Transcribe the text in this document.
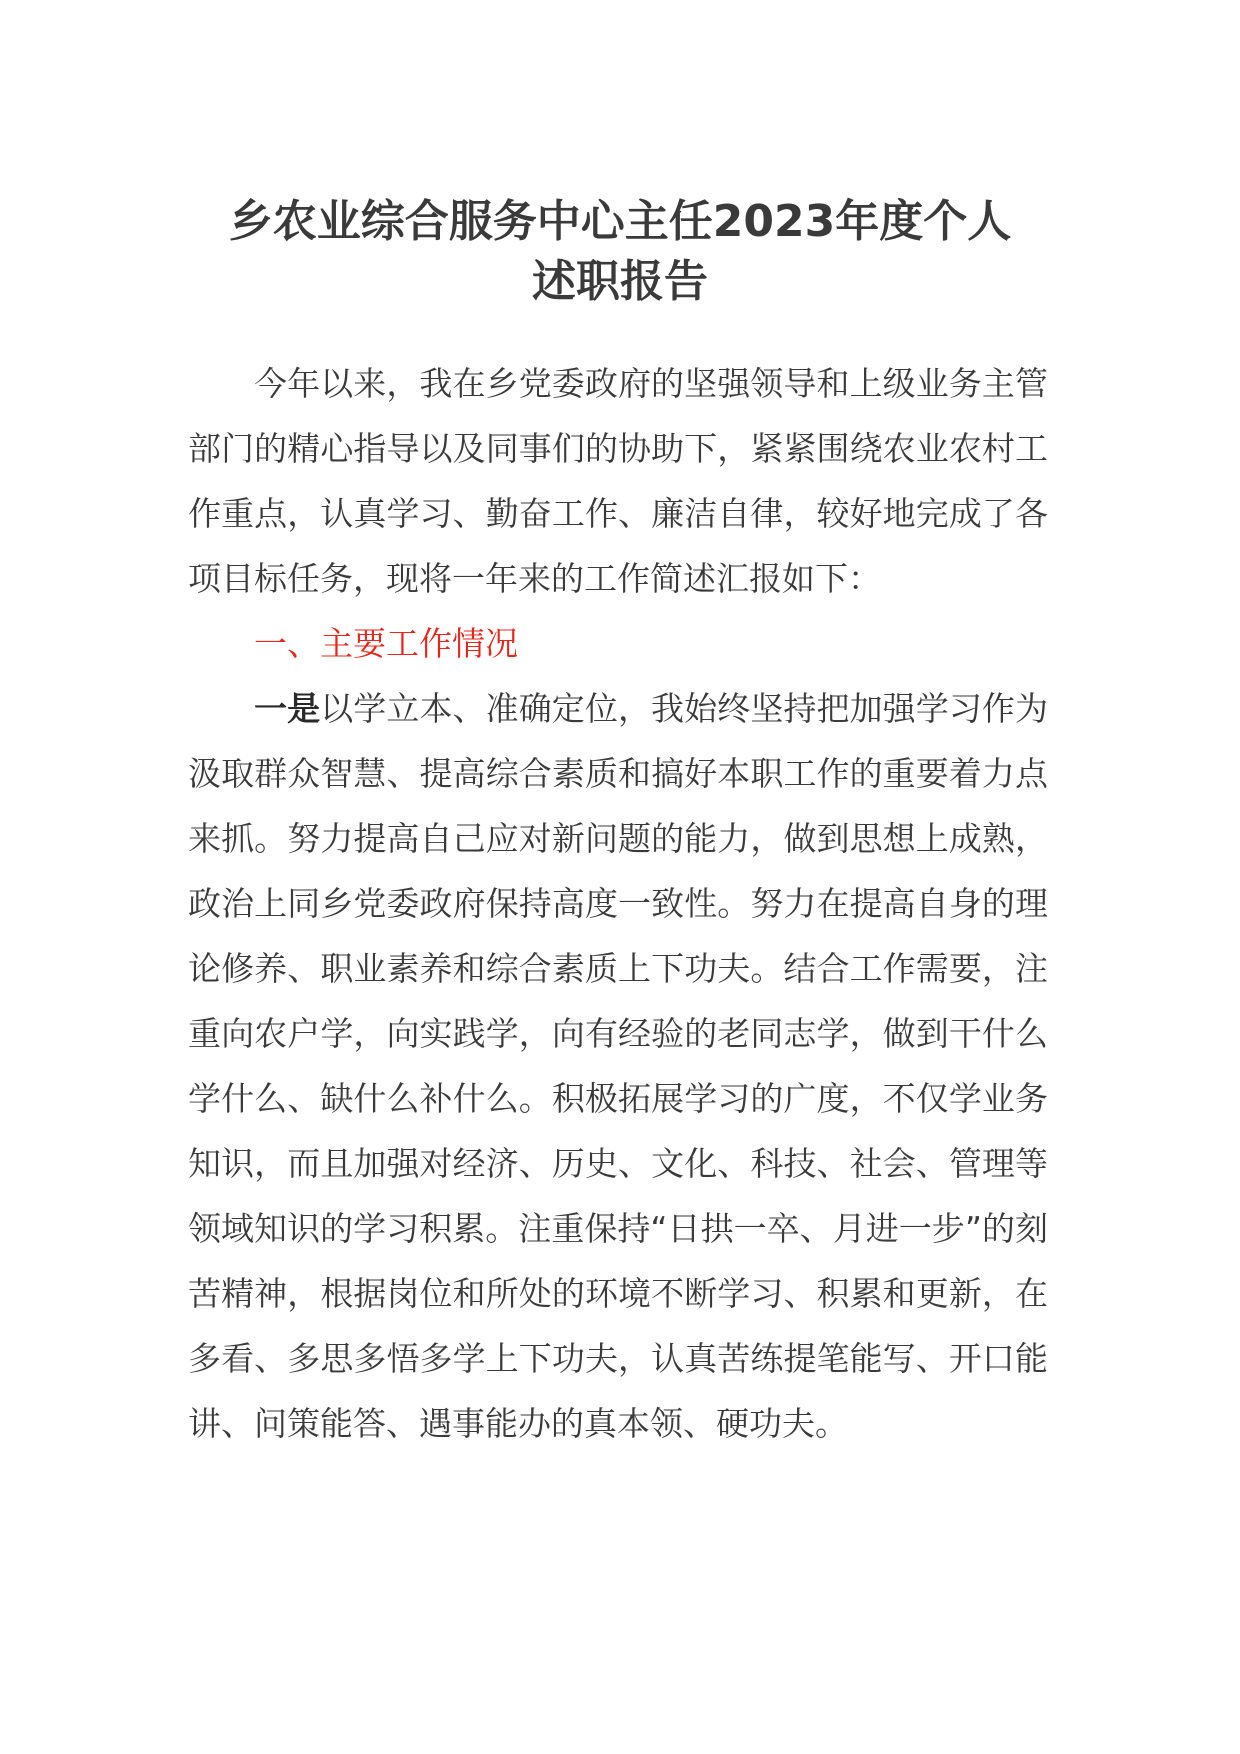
乡农业综合服务中心主任2023年度个人
述职报告

今年以来，我在乡党委政府的坚强领导和上级业务主管部门的精心指导以及同事们的协助下，紧紧围绕农业农村工作重点，认真学习、勤奋工作、廉洁自律，较好地完成了各项目标任务，现将一年来的工作简述汇报如下：

一、主要工作情况

一是以学立本、准确定位，我始终坚持把加强学习作为汲取群众智慧、提高综合素质和搞好本职工作的重要着力点来抓。努力提高自己应对新问题的能力，做到思想上成熟，政治上同乡党委政府保持高度一致性。努力在提高自身的理论修养、职业素养和综合素质上下功夫。结合工作需要，注重向农户学，向实践学，向有经验的老同志学，做到干什么学什么、缺什么补什么。积极拓展学习的广度，不仅学业务知识，而且加强对经济、历史、文化、科技、社会、管理等领域知识的学习积累。注重保持“日拱一卒、月进一步”的刻苦精神，根据岗位和所处的环境不断学习、积累和更新，在多看、多思多悟多学上下功夫，认真苦练提笔能写、开口能讲、问策能答、遇事能办的真本领、硬功夫。
